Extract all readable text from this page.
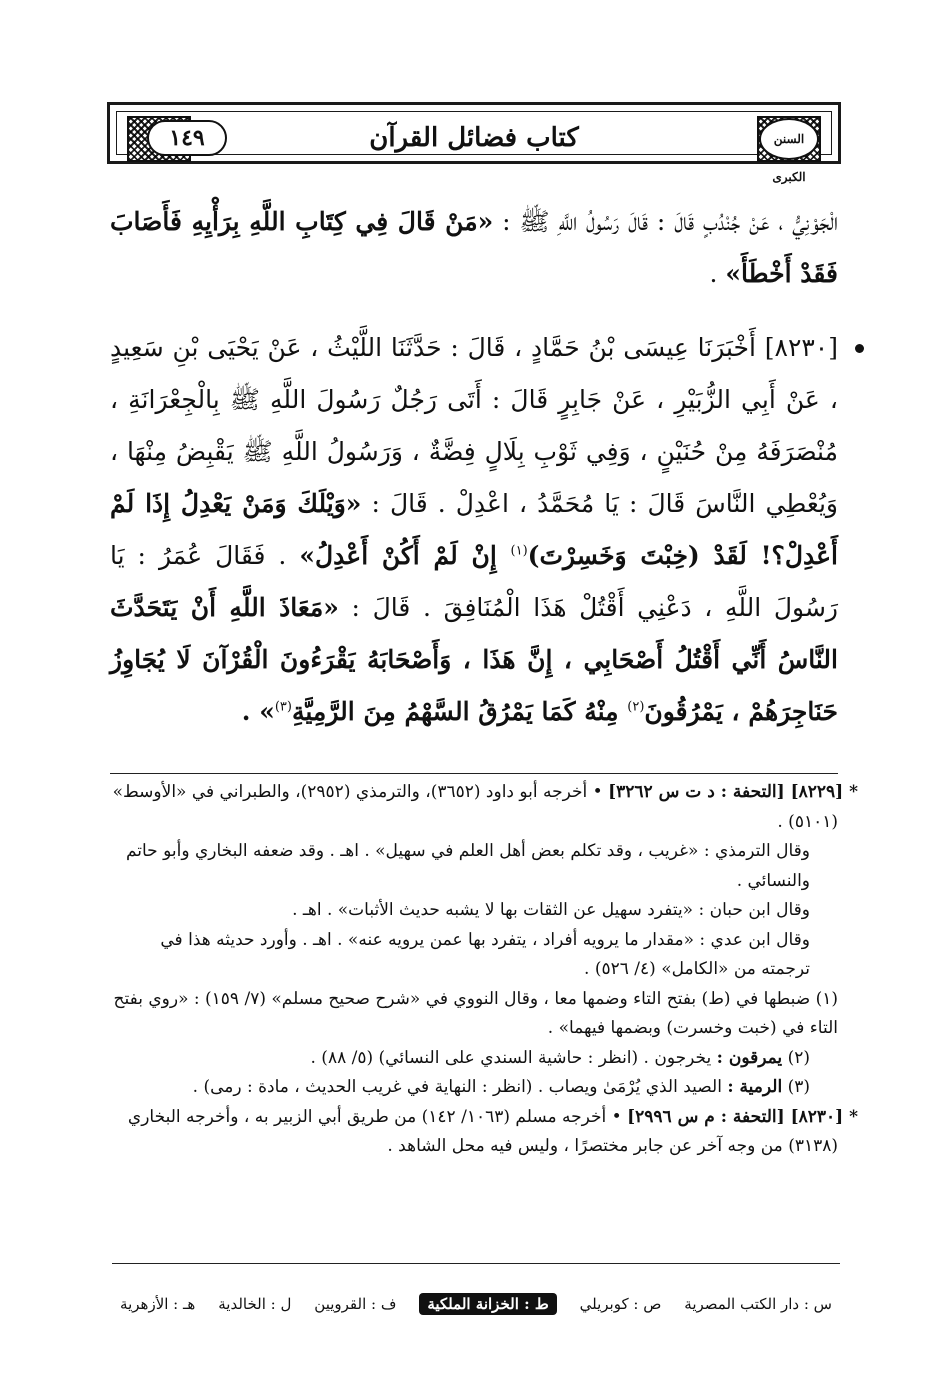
١٤٩	كتاب فضائل القرآن	السنن الكبرى

الْجَوْنِيُّ ، عَنْ جُنْدُبٍ قَالَ : قَالَ رَسُولُ اللَّهِ ﷺ : «مَنْ قَالَ فِي كِتَابِ اللَّهِ بِرَأْيِهِ فَأَصَابَ فَقَدْ أَخْطَأَ» .

[٨٢٣٠] أَخْبَرَنَا عِيسَى بْنُ حَمَّادٍ ، قَالَ : حَدَّثَنَا اللَّيْثُ ، عَنْ يَحْيَى بْنِ سَعِيدٍ ، عَنْ أَبِي الزُّبَيْرِ ، عَنْ جَابِرٍ قَالَ : أَتَى رَجُلٌ رَسُولَ اللَّهِ ﷺ بِالْجِعْرَانَةِ ، مُنْصَرَفَهُ مِنْ حُنَيْنٍ ، وَفِي ثَوْبِ بِلَالٍ فِضَّةٌ ، وَرَسُولُ اللَّهِ ﷺ يَقْبِضُ مِنْهَا ، وَيُعْطِي النَّاسَ قَالَ : يَا مُحَمَّدُ ، اعْدِلْ . قَالَ : «وَيْلَكَ وَمَنْ يَعْدِلُ إِذَا لَمْ أَعْدِلْ؟! لَقَدْ (خِبْتَ وَخَسِرْتَ)$^{(١)}$ إِنْ لَمْ أَكُنْ أَعْدِلُ» . فَقَالَ عُمَرُ : يَا رَسُولَ اللَّهِ ، دَعْنِي أَقْتُلْ هَذَا الْمُنَافِقَ . قَالَ : «مَعَاذَ اللَّهِ أَنْ يَتَحَدَّثَ النَّاسُ أَنِّي أَقْتُلُ أَصْحَابِي ، إِنَّ هَذَا ، وَأَصْحَابَهُ يَقْرَءُونَ الْقُرْآنَ لَا يُجَاوِزُ حَنَاجِرَهُمْ ، يَمْرُقُونَ$^{(٢)}$ مِنْهُ كَمَا يَمْرُقُ السَّهْمُ مِنَ الرَّمِيَّةِ$^{(٣)}$» .

* [٨٢٢٩] [التحفة : د ت س ٣٢٦٢] • أخرجه أبو داود (٣٦٥٢)، والترمذي (٢٩٥٢)، والطبراني في «الأوسط» (٥١٠١) .

وقال الترمذي : «غريب ، وقد تكلم بعض أهل العلم في سهيل» . اهـ . وقد ضعفه البخاري وأبو حاتم والنسائي .

وقال ابن حبان : «يتفرد سهيل عن الثقات بها لا يشبه حديث الأثبات» . اهـ .

وقال ابن عدي : «مقدار ما يرويه أفراد ، يتفرد بها عمن يرويه عنه» . اهـ . وأورد حديثه هذا في ترجمته من «الكامل» (٤/ ٥٢٦) .

(١) ضبطها في (ط) بفتح التاء وضمها معا ، وقال النووي في «شرح صحيح مسلم» (٧/ ١٥٩) : «روي بفتح التاء في (خبت وخسرت) وبضمها فيهما» .

(٢) يمرقون : يخرجون . (انظر : حاشية السندي على النسائي) (٥/ ٨٨) .

(٣) الرمية : الصيد الذي يُرْمَىٰ ويصاب . (انظر : النهاية في غريب الحديث ، مادة : رمى) .

* [٨٢٣٠] [التحفة : م س ٢٩٩٦] • أخرجه مسلم (١٠٦٣/ ١٤٢) من طريق أبي الزبير به ، وأخرجه البخاري (٣١٣٨) من وجه آخر عن جابر مختصرًا ، وليس فيه محل الشاهد .

س : دار الكتب المصرية
ص : كوبريلي
ط : الخزانة الملكية
ف : القرويين
ل : الخالدية
هـ : الأزهرية
